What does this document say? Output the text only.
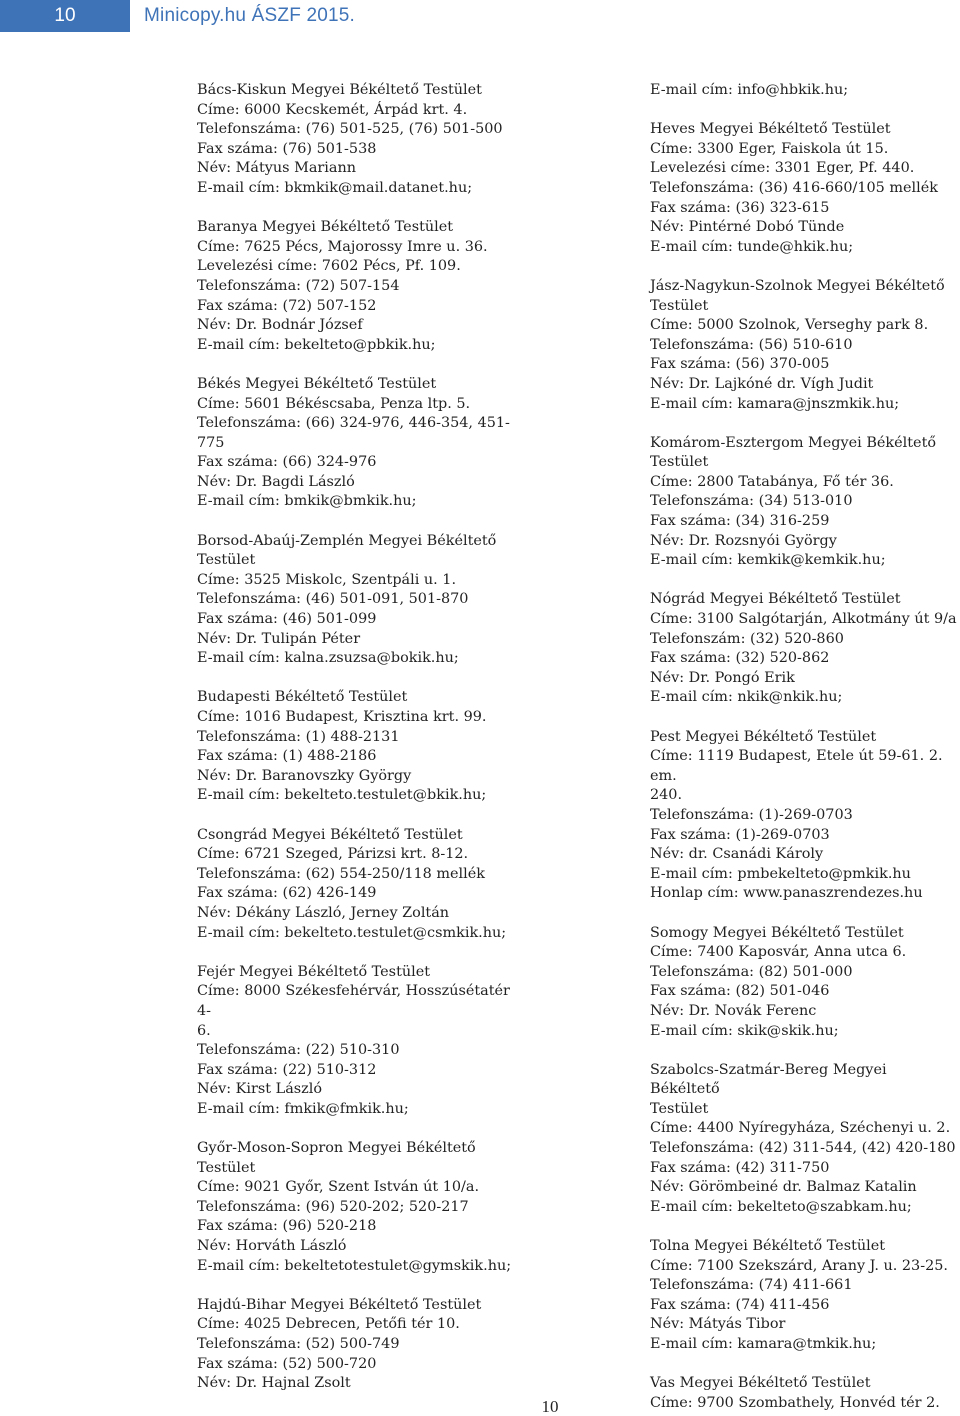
10	Minicopy.hu ÁSZF 2015.
Bács-Kiskun Megyei Békéltető Testület
Címe: 6000 Kecskemét, Árpád krt. 4.
Telefonszáma: (76) 501-525, (76) 501-500
Fax száma: (76) 501-538
Név: Mátyus Mariann
E-mail cím: bkmkik@mail.datanet.hu;
Baranya Megyei Békéltető Testület
Címe: 7625 Pécs, Majorossy Imre u. 36.
Levelezési címe: 7602 Pécs, Pf. 109.
Telefonszáma: (72) 507-154
Fax száma: (72) 507-152
Név: Dr. Bodnár József
E-mail cím: bekelteto@pbkik.hu;
Békés Megyei Békéltető Testület
Címe: 5601 Békéscsaba, Penza ltp. 5.
Telefonszáma: (66) 324-976, 446-354, 451-
775
Fax száma: (66) 324-976
Név: Dr. Bagdi László
E-mail cím: bmkik@bmkik.hu;
Borsod-Abaúj-Zemplén Megyei Békéltető
Testület
Címe: 3525 Miskolc, Szentpáli u. 1.
Telefonszáma: (46) 501-091, 501-870
Fax száma: (46) 501-099
Név: Dr. Tulipán Péter
E-mail cím: kalna.zsuzsa@bokik.hu;
Budapesti Békéltető Testület
Címe: 1016 Budapest, Krisztina krt. 99.
Telefonszáma: (1) 488-2131
Fax száma: (1) 488-2186
Név: Dr. Baranovszky György
E-mail cím: bekelteto.testulet@bkik.hu;
Csongrád Megyei Békéltető Testület
Címe: 6721 Szeged, Párizsi krt. 8-12.
Telefonszáma: (62) 554-250/118 mellék
Fax száma: (62) 426-149
Név: Dékány László, Jerney Zoltán
E-mail cím: bekelteto.testulet@csmkik.hu;
Fejér Megyei Békéltető Testület
Címe: 8000 Székesfehérvár, Hosszúsétatér 4-
6.
Telefonszáma: (22) 510-310
Fax száma: (22) 510-312
Név: Kirst László
E-mail cím: fmkik@fmkik.hu;
Győr-Moson-Sopron Megyei Békéltető
Testület
Címe: 9021 Győr, Szent István út 10/a.
Telefonszáma: (96) 520-202; 520-217
Fax száma: (96) 520-218
Név: Horváth László
E-mail cím: bekeltetotestulet@gymskik.hu;
Hajdú-Bihar Megyei Békéltető Testület
Címe: 4025 Debrecen, Petőfi tér 10.
Telefonszáma: (52) 500-749
Fax száma: (52) 500-720
Név: Dr. Hajnal Zsolt
E-mail cím: info@hbkik.hu;
Heves Megyei Békéltető Testület
Címe: 3300 Eger, Faiskola út 15.
Levelezési címe: 3301 Eger, Pf. 440.
Telefonszáma: (36) 416-660/105 mellék
Fax száma: (36) 323-615
Név: Pintérné Dobó Tünde
E-mail cím: tunde@hkik.hu;
Jász-Nagykun-Szolnok Megyei Békéltető
Testület
Címe: 5000 Szolnok, Verseghy park 8.
Telefonszáma: (56) 510-610
Fax száma: (56) 370-005
Név: Dr. Lajkóné dr. Vígh Judit
E-mail cím: kamara@jnszmkik.hu;
Komárom-Esztergom Megyei Békéltető
Testület
Címe: 2800 Tatabánya, Fő tér 36.
Telefonszáma: (34) 513-010
Fax száma: (34) 316-259
Név: Dr. Rozsnyói György
E-mail cím: kemkik@kemkik.hu;
Nógrád Megyei Békéltető Testület
Címe: 3100 Salgótarján, Alkotmány út 9/a
Telefonszám: (32) 520-860
Fax száma: (32) 520-862
Név: Dr. Pongó Erik
E-mail cím: nkik@nkik.hu;
Pest Megyei Békéltető Testület
Címe: 1119 Budapest, Etele út 59-61. 2. em.
240.
Telefonszáma: (1)-269-0703
Fax száma: (1)-269-0703
Név: dr. Csanádi Károly
E-mail cím: pmbekelteto@pmkik.hu
Honlap cím: www.panaszrendezes.hu
Somogy Megyei Békéltető Testület
Címe: 7400 Kaposvár, Anna utca 6.
Telefonszáma: (82) 501-000
Fax száma: (82) 501-046
Név: Dr. Novák Ferenc
E-mail cím: skik@skik.hu;
Szabolcs-Szatmár-Bereg Megyei Békéltető
Testület
Címe: 4400 Nyíregyháza, Széchenyi u. 2.
Telefonszáma: (42) 311-544, (42) 420-180
Fax száma: (42) 311-750
Név: Görömbeiné dr. Balmaz Katalin
E-mail cím: bekelteto@szabkam.hu;
Tolna Megyei Békéltető Testület
Címe: 7100 Szekszárd, Arany J. u. 23-25.
Telefonszáma: (74) 411-661
Fax száma: (74) 411-456
Név: Mátyás Tibor
E-mail cím: kamara@tmkik.hu;
Vas Megyei Békéltető Testület
Címe: 9700 Szombathely, Honvéd tér 2.
10
